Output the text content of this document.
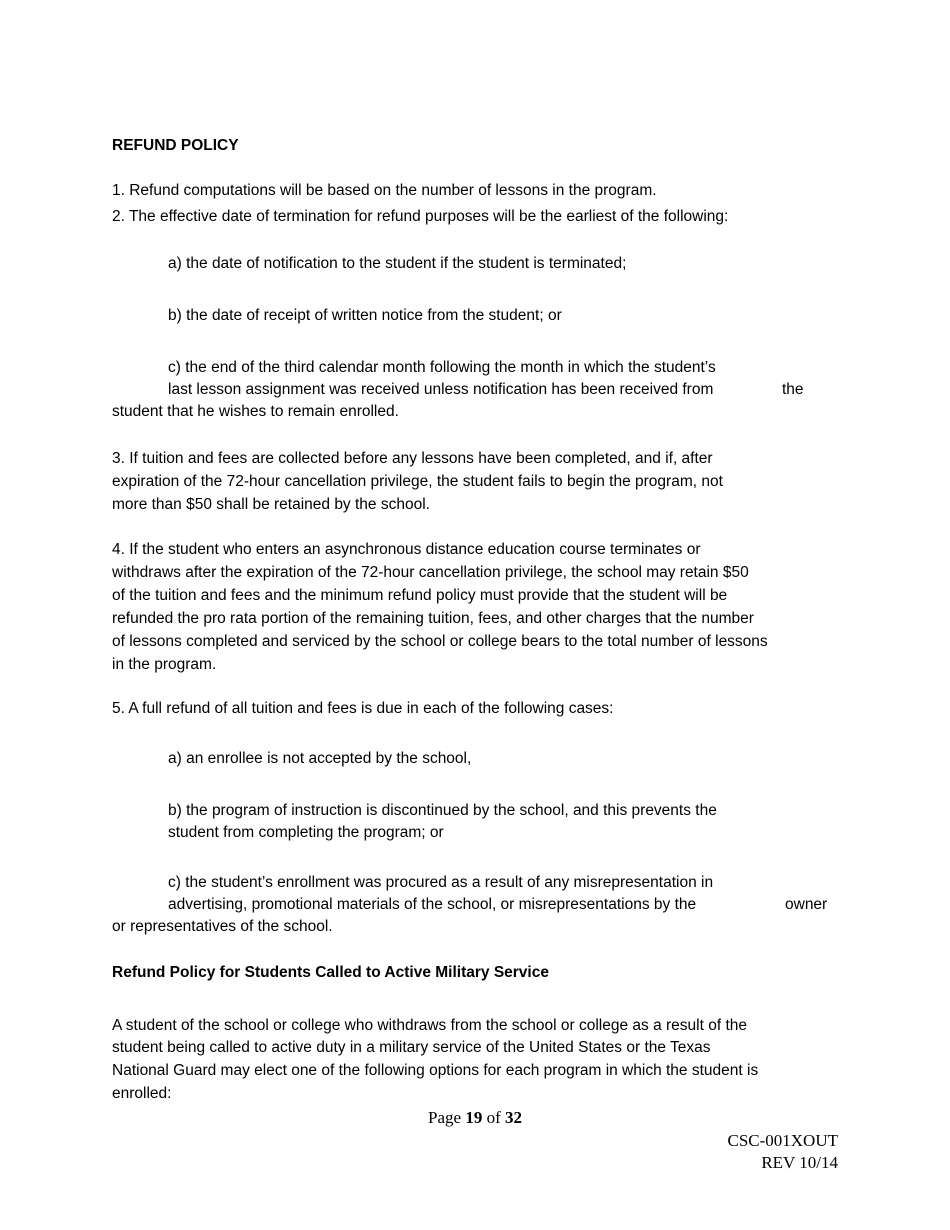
REFUND POLICY
1. Refund computations will be based on the number of lessons in the program.
2. The effective date of termination for refund purposes will be the earliest of the following:
a) the date of notification to the student if the student is terminated;
b) the date of receipt of written notice from the student; or
c) the end of the third calendar month following the month in which the student’s
last lesson assignment was received unless notification has been received from	the
student that he wishes to remain enrolled.
3. If tuition and fees are collected before any lessons have been completed, and if, after
expiration of the 72-hour cancellation privilege, the student fails to begin the program, not
more than $50 shall be retained by the school.
4. If the student who enters an asynchronous distance education course terminates or
withdraws after the expiration of the 72-hour cancellation privilege, the school may retain $50
of the tuition and fees and the minimum refund policy must provide that the student will be
refunded the pro rata portion of the remaining tuition, fees, and other charges that the number
of lessons completed and serviced by the school or college bears to the total number of lessons
in the program.
5. A full refund of all tuition and fees is due in each of the following cases:
a) an enrollee is not accepted by the school,
b) the program of instruction is discontinued by the school, and this prevents the
student from completing the program; or
c) the student’s enrollment was procured as a result of any misrepresentation in
advertising, promotional materials of the school, or misrepresentations by the	owner
or representatives of the school.
Refund Policy for Students Called to Active Military Service
A student of the school or college who withdraws from the school or college as a result of the
student being called to active duty in a military service of the United States or the Texas
National Guard may elect one of the following options for each program in which the student is
enrolled:
Page 19 of 32
CSC-001XOUT
REV 10/14
